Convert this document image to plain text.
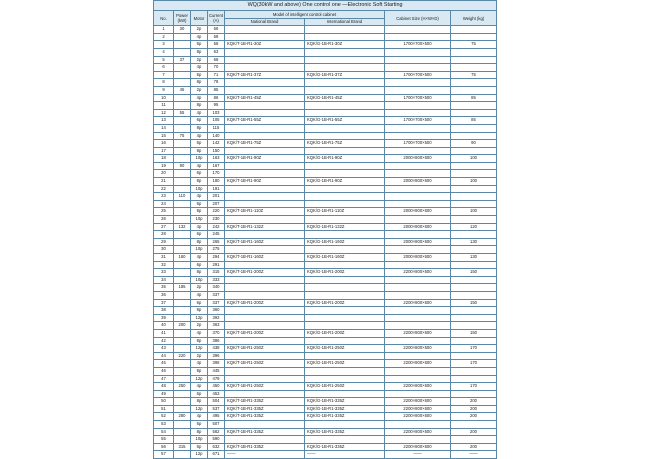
WQ(30kW and above) One control one —Electronic Soft Starting							
No.	Power (kW)	Motor	Current (A)	Model of intelligent control cabinet		Cabinet Size (H×W×D)	Weight (kg)
				National Brand	International Brand		
1	30	2p	56				
2		4p	58				
3		6p	58	KQK/T-1B-R1-30Z	KQK/G-1B-R1-30Z	1700×700×500	75
4		8p	63				
5	37	2p	68				
6		4p	70				
7		6p	71	KQK/T-1B-R1-37Z	KQK/G-1B-R1-37Z	1700×700×500	75
8		8p	78				
9	45	2p	85				
10		4p	86	KQK/T-1B-R1-45Z	KQK/G-1B-R1-45Z	1700×700×500	85
11		8p	95				
12	55	4p	103				
13		6p	105	KQK/T-1B-R1-55Z	KQK/G-1B-R1-55Z	1700×700×500	85
14		8p	115				
15	75	4p	140				
16		6p	142	KQK/T-1B-R1-75Z	KQK/G-1B-R1-75Z	1700×700×500	90
17		8p	150				
18		10p	163	KQK/T-1B-R1-90Z	KQK/G-1B-R1-90Z	2000×800×600	100
19	90	4p	167				
20		6p	170				
21		8p	180	KQK/T-1B-R1-90Z	KQK/G-1B-R1-90Z	2000×800×600	100
22		10p	191				
23	110	4p	201				
24		6p	207				
25		8p	220	KQK/T-1B-R1-110Z	KQK/G-1B-R1-110Z	2000×800×600	100
26		10p	230				
27	132	4p	242	KQK/T-1B-R1-132Z	KQK/G-1B-R1-132Z	2000×800×600	120
28		6p	245				
29		8p	265	KQK/T-1B-R1-160Z	KQK/G-1B-R1-160Z	2000×800×600	130
30		10p	275				
31	160	4p	294	KQK/T-1B-R1-160Z	KQK/G-1B-R1-160Z	2000×800×600	130
32		6p	291				
33		8p	315	KQK/T-1B-R1-200Z	KQK/G-1B-R1-200Z	2200×800×600	150
34		10p	333				
35	185	2p	340				
36		4p	337				
37		6p	337	KQK/T-1B-R1-200Z	KQK/G-1B-R1-200Z	2200×800×600	150
38		8p	360				
39		12p	392				
40	200	2p	363				
41		4p	370	KQK/T-1B-R1-200Z	KQK/G-1B-R1-200Z	2200×800×600	150
42		8p	386				
43		12p	438	KQK/T-1B-R1-250Z	KQK/G-1B-R1-250Z	2200×800×600	170
44	220	2p	396				
45		4p	398	KQK/T-1B-R1-250Z	KQK/G-1B-R1-250Z	2200×800×600	170
46		8p	445				
47		12p	479				
48	250	4p	450	KQK/T-1B-R1-250Z	KQK/G-1B-R1-250Z	2200×800×600	170
49		6p	453				
50		8p	504	KQK/T-1B-R1-335Z	KQK/G-1B-R1-335Z	2200×800×600	200
51		12p	537	KQK/T-1B-R1-335Z	KQK/G-1B-R1-335Z	2200×800×600	200
52	280	4p	495	KQK/T-1B-R1-335Z	KQK/G-1B-R1-335Z	2200×800×600	200
53		6p	507				
54		8p	562	KQK/T-1B-R1-335Z	KQK/G-1B-R1-335Z	2200×800×600	200
55		10p	590				
56	315	6p	632	KQK/T-1B-R1-335Z	KQK/G-1B-R1-335Z	2200×800×600	200
57		12p	671	——	——	——	——
